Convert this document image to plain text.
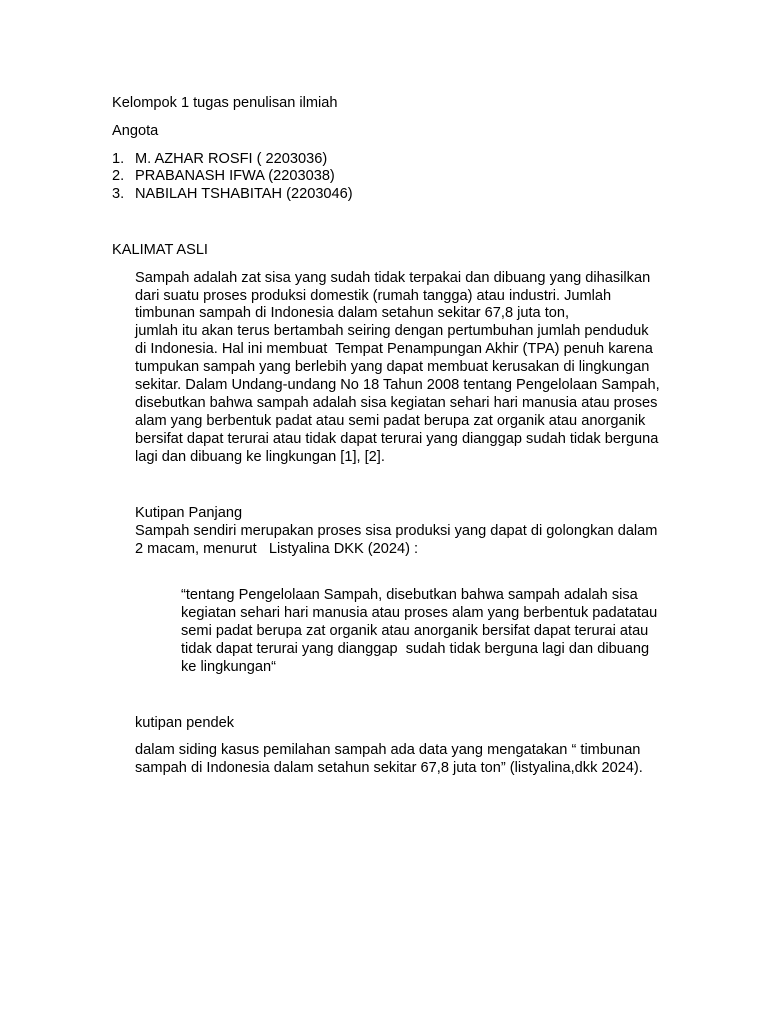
Kelompok 1 tugas penulisan ilmiah
Angota
1. M. AZHAR ROSFI ( 2203036)
2. PRABANASH IFWA (2203038)
3. NABILAH TSHABITAH (2203046)
KALIMAT ASLI
Sampah adalah zat sisa yang sudah tidak terpakai dan dibuang yang dihasilkan
dari suatu proses produksi domestik (rumah tangga) atau industri. Jumlah
timbunan sampah di Indonesia dalam setahun sekitar 67,8 juta ton,
jumlah itu akan terus bertambah seiring dengan pertumbuhan jumlah penduduk
di Indonesia. Hal ini membuat  Tempat Penampungan Akhir (TPA) penuh karena
tumpukan sampah yang berlebih yang dapat membuat kerusakan di lingkungan
sekitar. Dalam Undang-undang No 18 Tahun 2008 tentang Pengelolaan Sampah,
disebutkan bahwa sampah adalah sisa kegiatan sehari hari manusia atau proses
alam yang berbentuk padat atau semi padat berupa zat organik atau anorganik
bersifat dapat terurai atau tidak dapat terurai yang dianggap sudah tidak berguna
lagi dan dibuang ke lingkungan [1], [2].
Kutipan Panjang
Sampah sendiri merupakan proses sisa produksi yang dapat di golongkan dalam
2 macam, menurut   Listyalina DKK (2024) :
“tentang Pengelolaan Sampah, disebutkan bahwa sampah adalah sisa
kegiatan sehari hari manusia atau proses alam yang berbentuk padatatau
semi padat berupa zat organik atau anorganik bersifat dapat terurai atau
tidak dapat terurai yang dianggap  sudah tidak berguna lagi dan dibuang
ke lingkungan“
kutipan pendek
dalam siding kasus pemilahan sampah ada data yang mengatakan “ timbunan
sampah di Indonesia dalam setahun sekitar 67,8 juta ton” (listyalina,dkk 2024).
